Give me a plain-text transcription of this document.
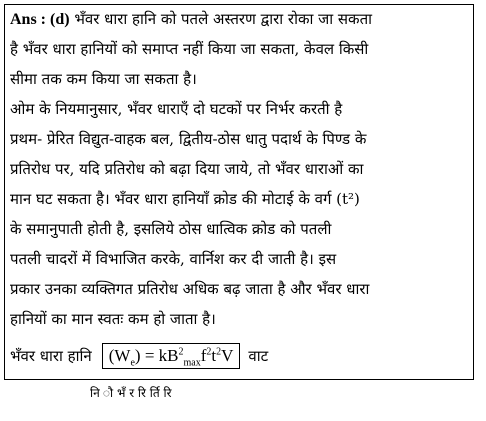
Ans : (d) भँवर धारा हानि को पतले अस्तरण द्वारा रोका जा सकता
है भँवर धारा हानियों को समाप्त नहीं किया जा सकता, केवल किसी
सीमा तक कम किया जा सकता है।
ओम के नियमानुसार, भँवर धाराएँ दो घटकों पर निर्भर करती है
प्रथम- प्रेरित विद्युत-वाहक बल, द्वितीय-ठोस धातु पदार्थ के पिण्ड के
प्रतिरोध पर, यदि प्रतिरोध को बढ़ा दिया जाये, तो भँवर धाराओं का
मान घट सकता है। भँवर धारा हानियाँ क्रोड की मोटाई के वर्ग (t²)
के समानुपाती होती है, इसलिये ठोस धात्विक क्रोड को पतली
पतली चादरों में विभाजित करके, वार्निश कर दी जाती है। इस
प्रकार उनका व्यक्तिगत प्रतिरोध अधिक बढ़ जाता है और भँवर धारा
हानियों का मान स्वतः कम हो जाता है।
भँवर धारा हानि	$(W_e) = kB^2_{max}f^2t^2V$	वाट
नि ौ भँ र रि र्ति रि
